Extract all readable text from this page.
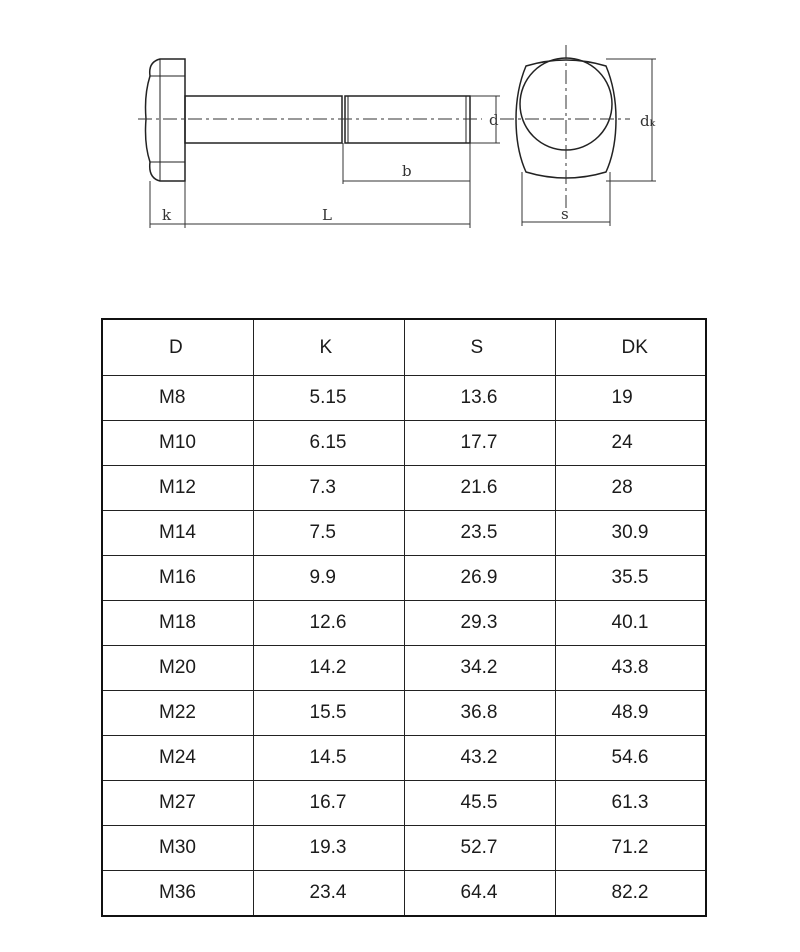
d
b
k	L
dₖ
s
D	K	S	DK
M8	5.15	13.6	19
M10	6.15	17.7	24
M12	7.3	21.6	28
M14	7.5	23.5	30.9
M16	9.9	26.9	35.5
M18	12.6	29.3	40.1
M20	14.2	34.2	43.8
M22	15.5	36.8	48.9
M24	14.5	43.2	54.6
M27	16.7	45.5	61.3
M30	19.3	52.7	71.2
M36	23.4	64.4	82.2
